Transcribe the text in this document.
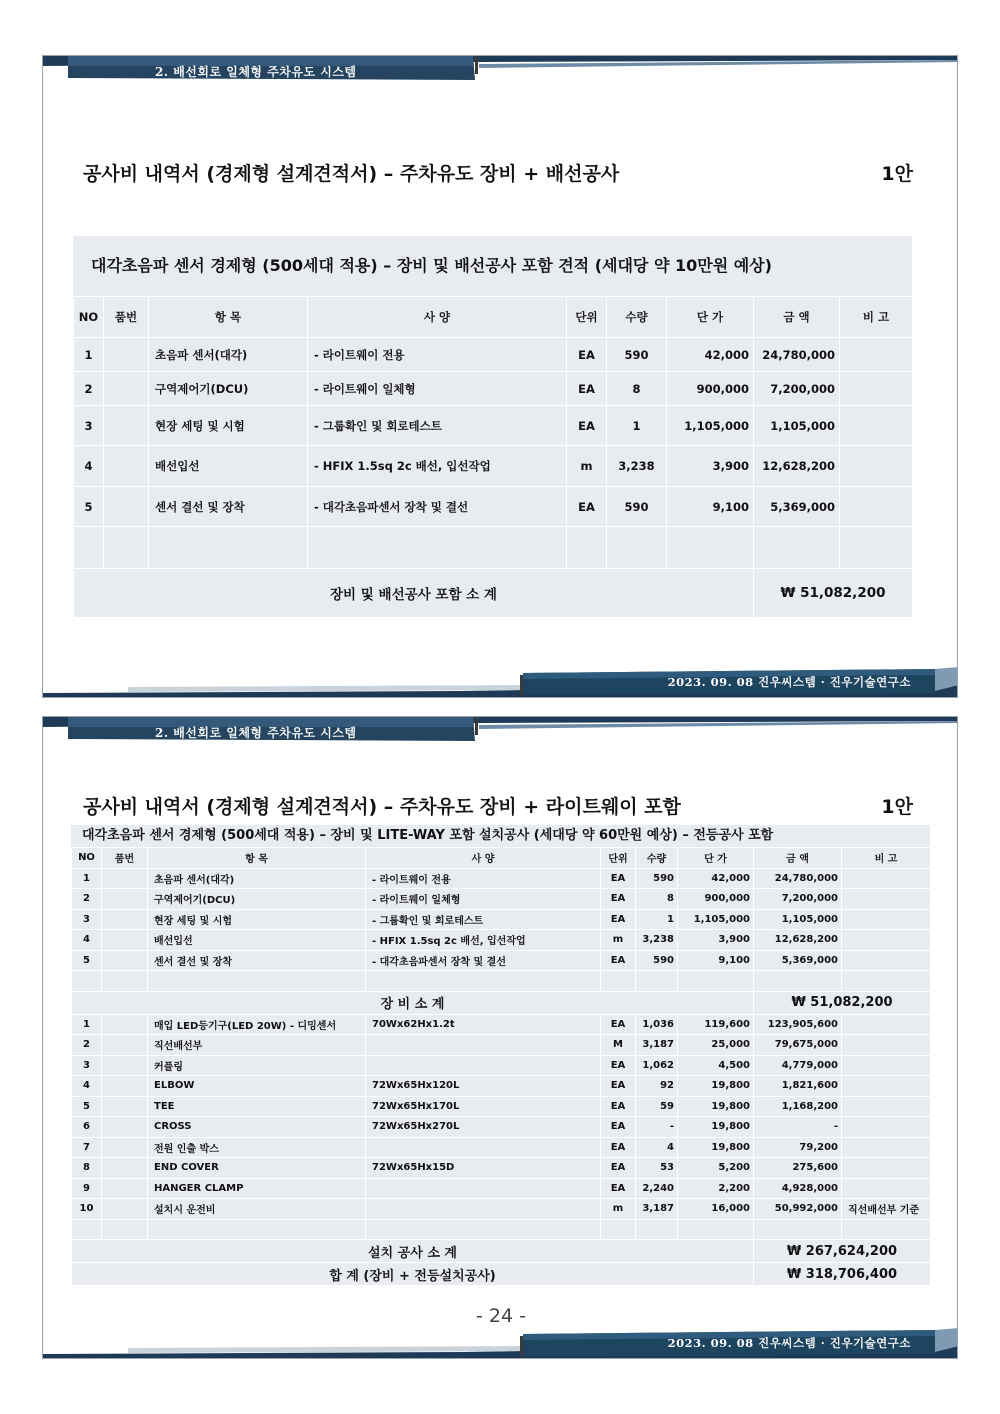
2. 배선회로 일체형 주차유도 시스템
공사비 내역서 (경제형 설계견적서) – 주차유도 장비 + 배선공사	1안
대각초음파 센서 경제형 (500세대 적용) – 장비 및 배선공사 포함 견적 (세대당 약 10만원 예상)
NO	품번	항 목	사 양	단위	수량	단 가	금 액	비 고
1		초음파 센서(대각)	- 라이트웨이 전용	EA	590	42,000	24,780,000	
2		구역제어기(DCU)	- 라이트웨이 일체형	EA	8	900,000	7,200,000	
3		현장 세팅 및 시험	- 그룹확인 및 회로테스트	EA	1	1,105,000	1,105,000	
4		배선입선	- HFIX 1.5sq 2c 배선, 입선작업	m	3,238	3,900	12,628,200	
5		센서 결선 및 장착	- 대각초음파센서 장착 및 결선	EA	590	9,100	5,369,000	

장비 및 배선공사 포함 소 계							₩ 51,082,200	
2023. 09. 08 진우씨스템 · 진우기술연구소
2. 배선회로 일체형 주차유도 시스템
공사비 내역서 (경제형 설계견적서) – 주차유도 장비 + 라이트웨이 포함	1안
대각초음파 센서 경제형 (500세대 적용) – 장비 및 LITE-WAY 포함 설치공사 (세대당 약 60만원 예상) – 전등공사 포함
NO	품번	항 목	사 양	단위	수량	단 가	금 액	비 고
1		초음파 센서(대각)	- 라이트웨이 전용	EA	590	42,000	24,780,000	
2		구역제어기(DCU)	- 라이트웨이 일체형	EA	8	900,000	7,200,000	
3		현장 세팅 및 시험	- 그룹확인 및 회로테스트	EA	1	1,105,000	1,105,000	
4		배선입선	- HFIX 1.5sq 2c 배선, 입선작업	m	3,238	3,900	12,628,200	
5		센서 결선 및 장착	- 대각초음파센서 장착 및 결선	EA	590	9,100	5,369,000	

장 비 소 계							₩ 51,082,200	
1		매입 LED등기구(LED 20W) - 디밍센서	70Wx62Hx1.2t	EA	1,036	119,600	123,905,600	
2		직선배선부		M	3,187	25,000	79,675,000	
3		커플링		EA	1,062	4,500	4,779,000	
4		ELBOW	72Wx65Hx120L	EA	92	19,800	1,821,600	
5		TEE	72Wx65Hx170L	EA	59	19,800	1,168,200	
6		CROSS	72Wx65Hx270L	EA	-	19,800	-	
7		전원 인출 박스		EA	4	19,800	79,200	
8		END COVER	72Wx65Hx15D	EA	53	5,200	275,600	
9		HANGER CLAMP		EA	2,240	2,200	4,928,000	
10		설치시 운전비		m	3,187	16,000	50,992,000	직선배선부 기준

설치 공사 소 계							₩ 267,624,200	
합 계 (장비 + 전등설치공사)							₩ 318,706,400	
- 24 -
2023. 09. 08 진우씨스템 · 진우기술연구소
